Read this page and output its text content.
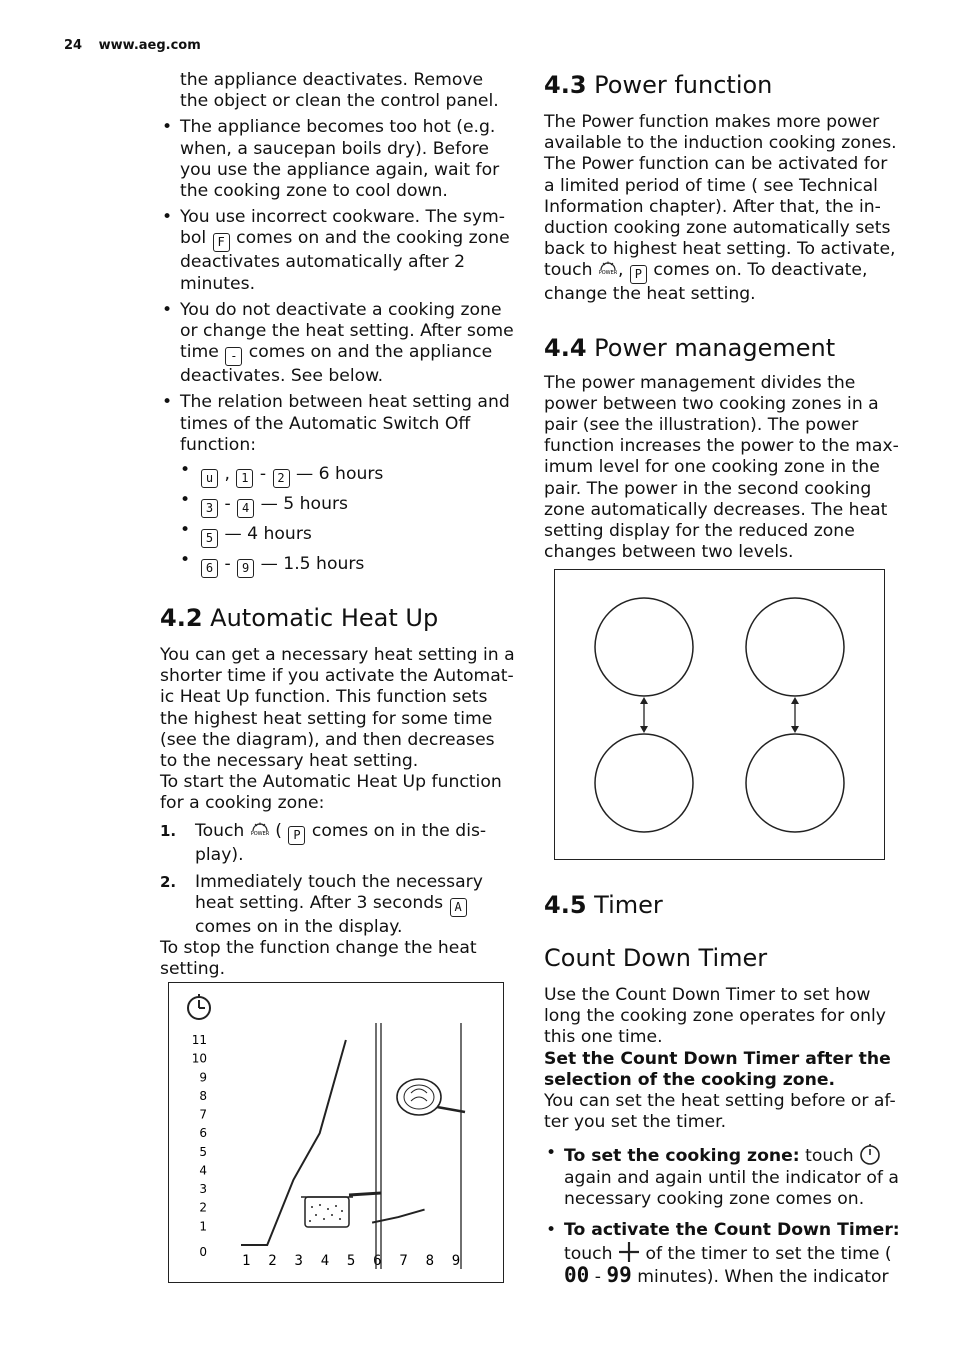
24 www.aeg.com

the appliance deactivates. Remove the object or clean the control panel.

• The appliance becomes too hot (e.g. when, a saucepan boils dry). Before you use the appliance again, wait for the cooking zone to cool down.
• You use incorrect cookware. The sym- bol F comes on and the cooking zone deactivates automatically after 2 minutes.
• You do not deactivate a cooking zone or change the heat setting. After some time - comes on and the appliance deactivates. See below.
• The relation between heat setting and times of the Automatic Switch Off function:
• u , 1 - 2 — 6 hours
• 3 - 4 — 5 hours
• 5 — 4 hours
• 6 - 9 — 1.5 hours
4.2 Automatic Heat Up

You can get a necessary heat setting in a shorter time if you activate the Automat- ic Heat Up function. This function sets the highest heat setting for some time (see the diagram), and then decreases to the necessary heat setting.

To start the Automatic Heat Up function for a cooking zone:

1. Touch POWER ( P comes on in the dis- play).
2. Immediately touch the necessary heat setting. After 3 seconds A comes on in the display.

To stop the function change the heat setting.

0
1
2
3
4
5
6
7
8
9
10
11
1 2 3 4 5 6 7 8 9
4.3 Power function

The Power function makes more power available to the induction cooking zones. The Power function can be activated for a limited period of time ( see Technical Information chapter). After that, the in- duction cooking zone automatically sets back to highest heat setting. To activate, touch POWER , P comes on. To deactivate, change the heat setting.

4.4 Power management

The power management divides the power between two cooking zones in a pair (see the illustration). The power function increases the power to the max- imum level for one cooking zone in the pair. The power in the second cooking zone automatically decreases. The heat setting display for the reduced zone changes between two levels.

4.5 Timer
Count Down Timer

Use the Count Down Timer to set how long the cooking zone operates for only this one time.

Set the Count Down Timer after the selection of the cooking zone.

You can set the heat setting before or af- ter you set the timer.

• To set the cooking zone: touch  again and again until the indicator of a necessary cooking zone comes on.
• To activate the Count Down Timer:
touch of the timer to set the time (
00 - 99 minutes). When the indicator
